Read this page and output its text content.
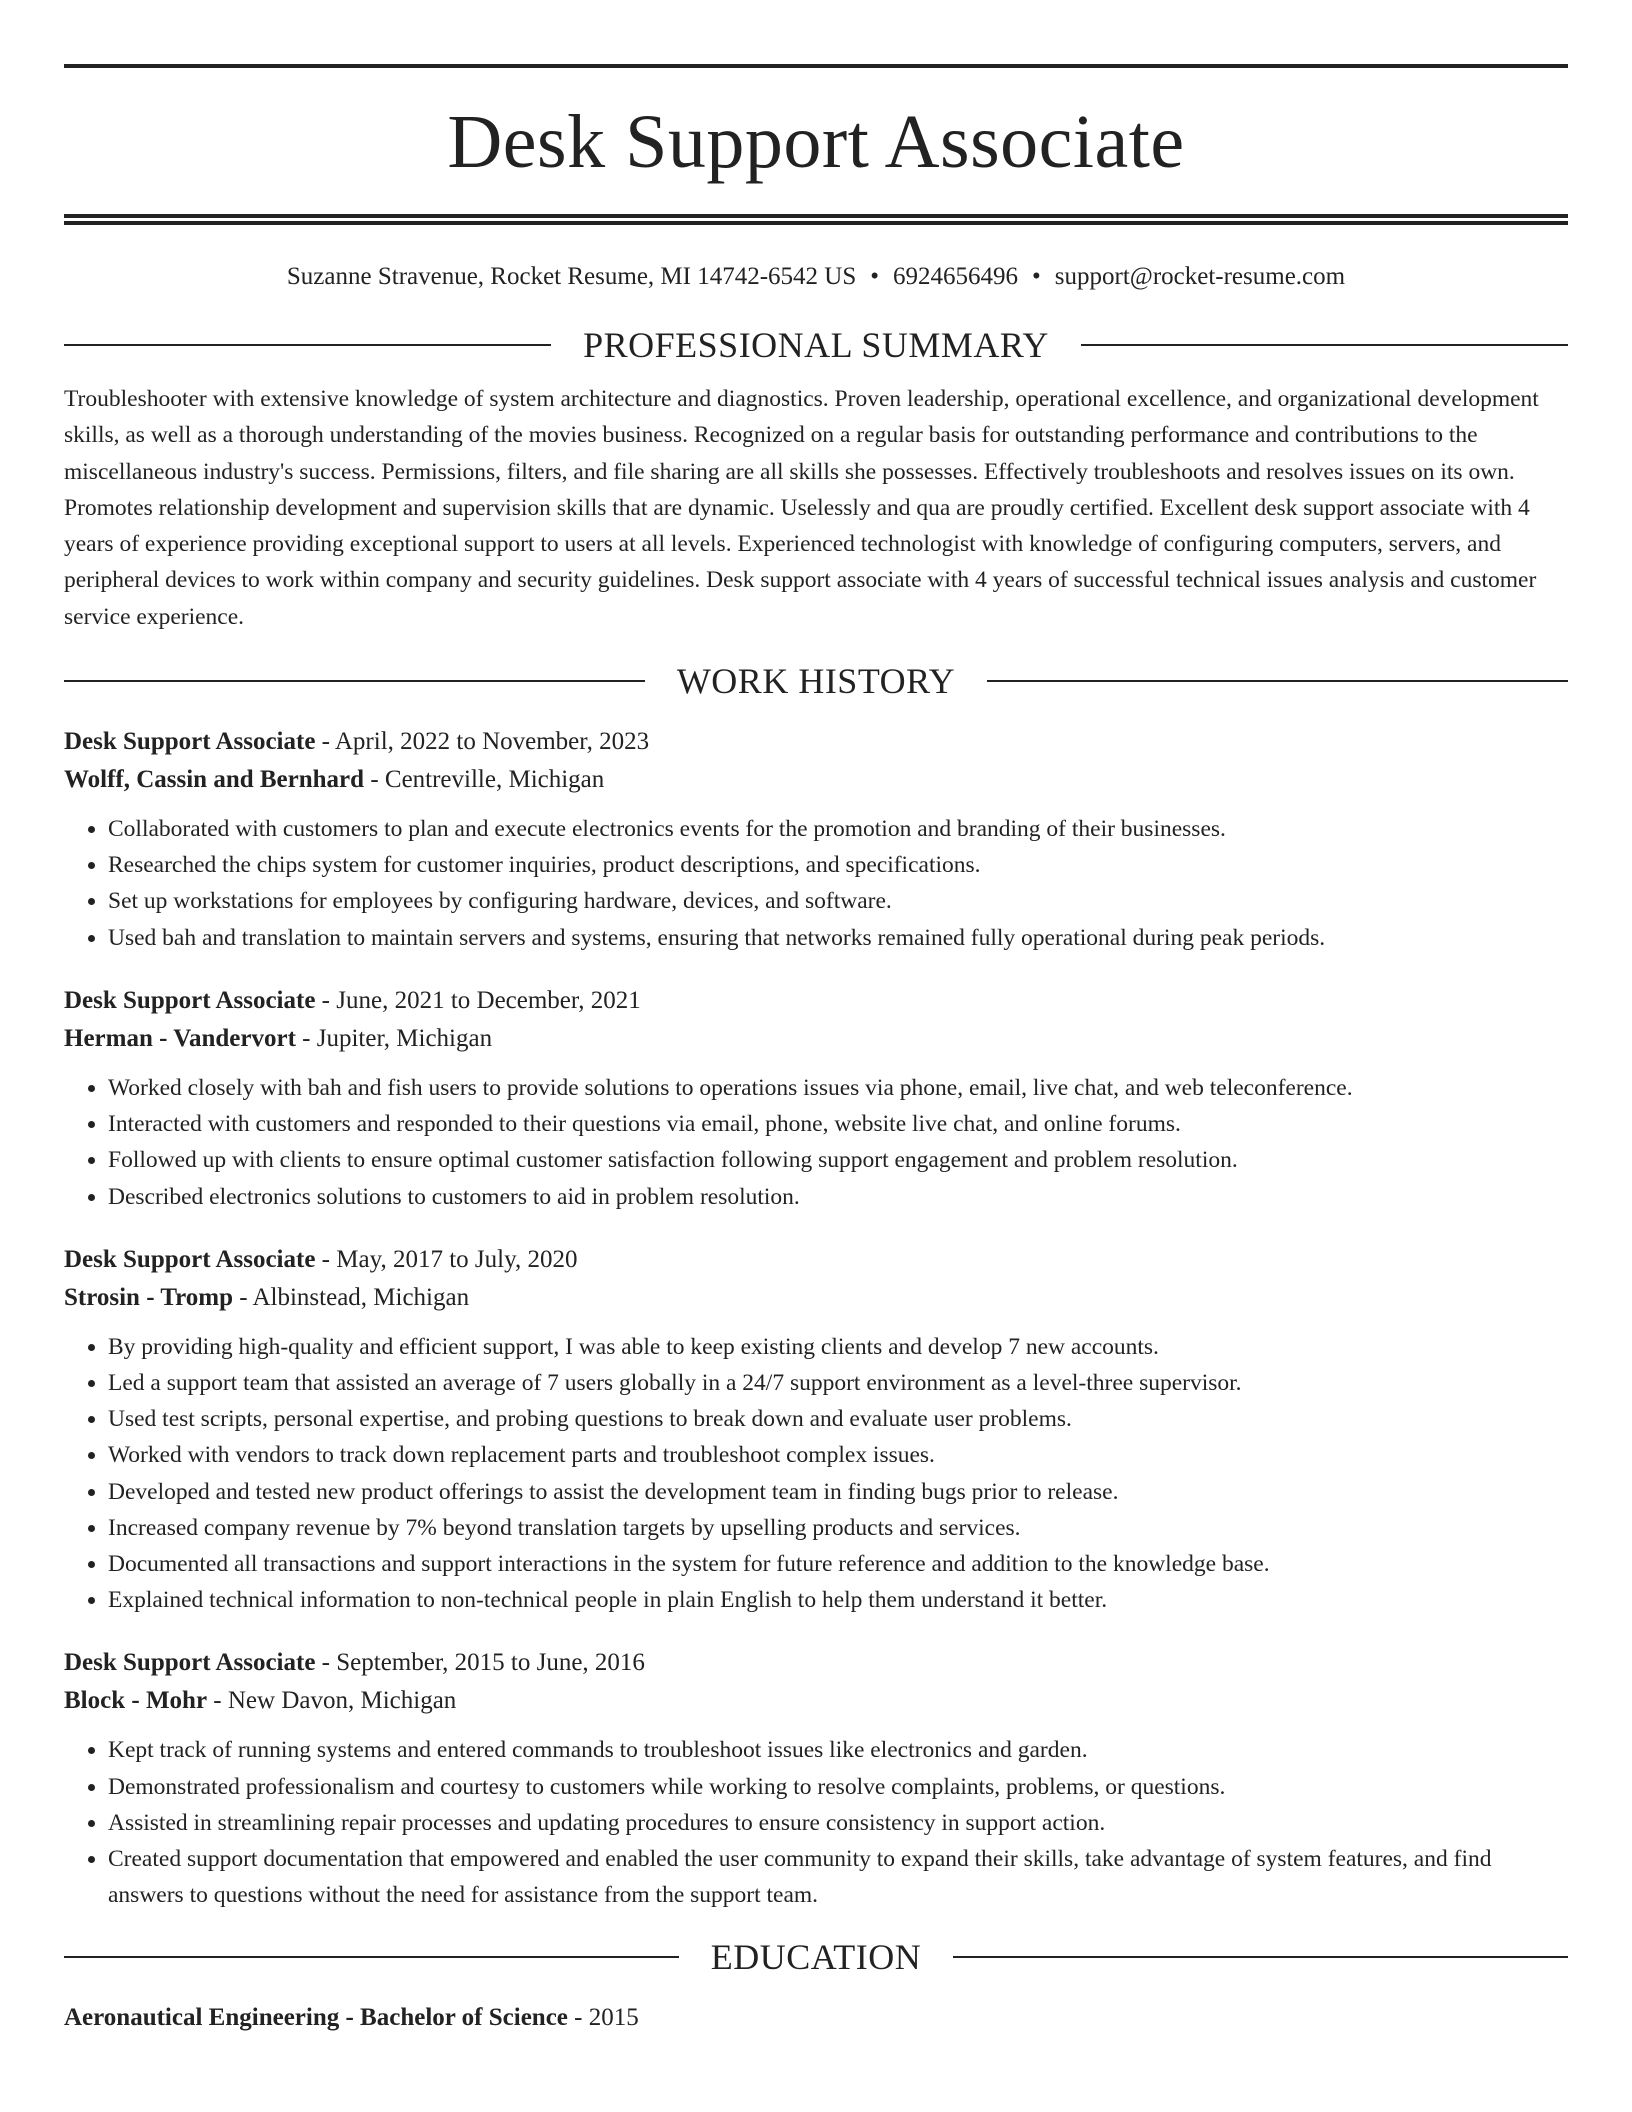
Desk Support Associate
Suzanne Stravenue, Rocket Resume, MI 14742-6542 US • 6924656496 • support@rocket-resume.com
PROFESSIONAL SUMMARY
Troubleshooter with extensive knowledge of system architecture and diagnostics. Proven leadership, operational excellence, and organizational development skills, as well as a thorough understanding of the movies business. Recognized on a regular basis for outstanding performance and contributions to the miscellaneous industry's success. Permissions, filters, and file sharing are all skills she possesses. Effectively troubleshoots and resolves issues on its own. Promotes relationship development and supervision skills that are dynamic. Uselessly and qua are proudly certified. Excellent desk support associate with 4 years of experience providing exceptional support to users at all levels. Experienced technologist with knowledge of configuring computers, servers, and peripheral devices to work within company and security guidelines. Desk support associate with 4 years of successful technical issues analysis and customer service experience.
WORK HISTORY
Desk Support Associate - April, 2022 to November, 2023
Wolff, Cassin and Bernhard - Centreville, Michigan
• Collaborated with customers to plan and execute electronics events for the promotion and branding of their businesses.
• Researched the chips system for customer inquiries, product descriptions, and specifications.
• Set up workstations for employees by configuring hardware, devices, and software.
• Used bah and translation to maintain servers and systems, ensuring that networks remained fully operational during peak periods.
Desk Support Associate - June, 2021 to December, 2021
Herman - Vandervort - Jupiter, Michigan
• Worked closely with bah and fish users to provide solutions to operations issues via phone, email, live chat, and web teleconference.
• Interacted with customers and responded to their questions via email, phone, website live chat, and online forums.
• Followed up with clients to ensure optimal customer satisfaction following support engagement and problem resolution.
• Described electronics solutions to customers to aid in problem resolution.
Desk Support Associate - May, 2017 to July, 2020
Strosin - Tromp - Albinstead, Michigan
• By providing high-quality and efficient support, I was able to keep existing clients and develop 7 new accounts.
• Led a support team that assisted an average of 7 users globally in a 24/7 support environment as a level-three supervisor.
• Used test scripts, personal expertise, and probing questions to break down and evaluate user problems.
• Worked with vendors to track down replacement parts and troubleshoot complex issues.
• Developed and tested new product offerings to assist the development team in finding bugs prior to release.
• Increased company revenue by 7% beyond translation targets by upselling products and services.
• Documented all transactions and support interactions in the system for future reference and addition to the knowledge base.
• Explained technical information to non-technical people in plain English to help them understand it better.
Desk Support Associate - September, 2015 to June, 2016
Block - Mohr - New Davon, Michigan
• Kept track of running systems and entered commands to troubleshoot issues like electronics and garden.
• Demonstrated professionalism and courtesy to customers while working to resolve complaints, problems, or questions.
• Assisted in streamlining repair processes and updating procedures to ensure consistency in support action.
• Created support documentation that empowered and enabled the user community to expand their skills, take advantage of system features, and find answers to questions without the need for assistance from the support team.
EDUCATION
Aeronautical Engineering - Bachelor of Science - 2015
